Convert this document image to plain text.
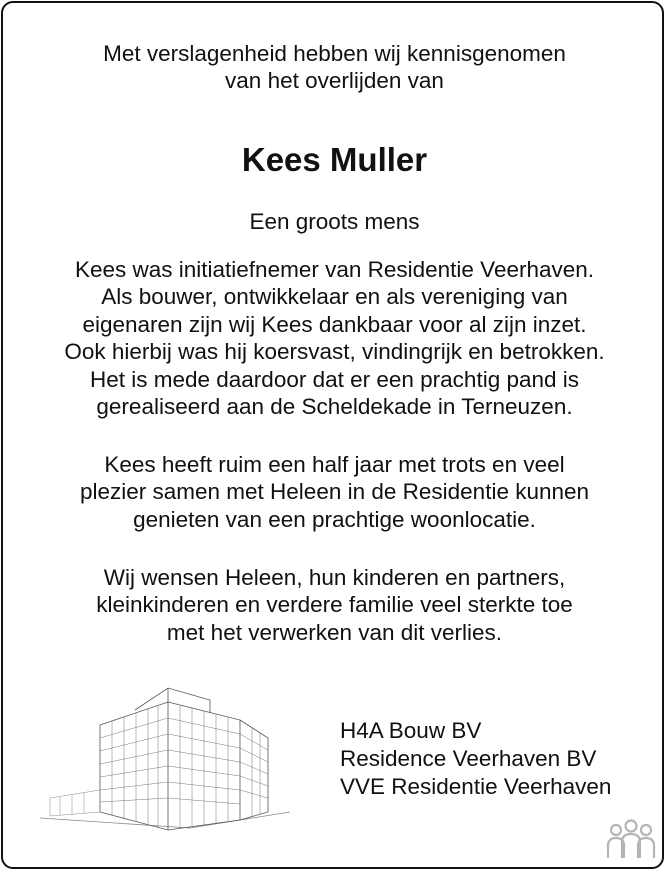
Met verslagenheid hebben wij kennisgenomen
van het overlijden van
Kees Muller
Een groots mens
Kees was initiatiefnemer van Residentie Veerhaven.
Als bouwer, ontwikkelaar en als vereniging van
eigenaren zijn wij Kees dankbaar voor al zijn inzet.
Ook hierbij was hij koersvast, vindingrijk en betrokken.
Het is mede daardoor dat er een prachtig pand is
gerealiseerd aan de Scheldekade in Terneuzen.
Kees heeft ruim een half jaar met trots en veel
plezier samen met Heleen in de Residentie kunnen
genieten van een prachtige woonlocatie.
Wij wensen Heleen, hun kinderen en partners,
kleinkinderen en verdere familie veel sterkte toe
met het verwerken van dit verlies.
H4A Bouw BV
Residence Veerhaven BV
VVE Residentie Veerhaven
